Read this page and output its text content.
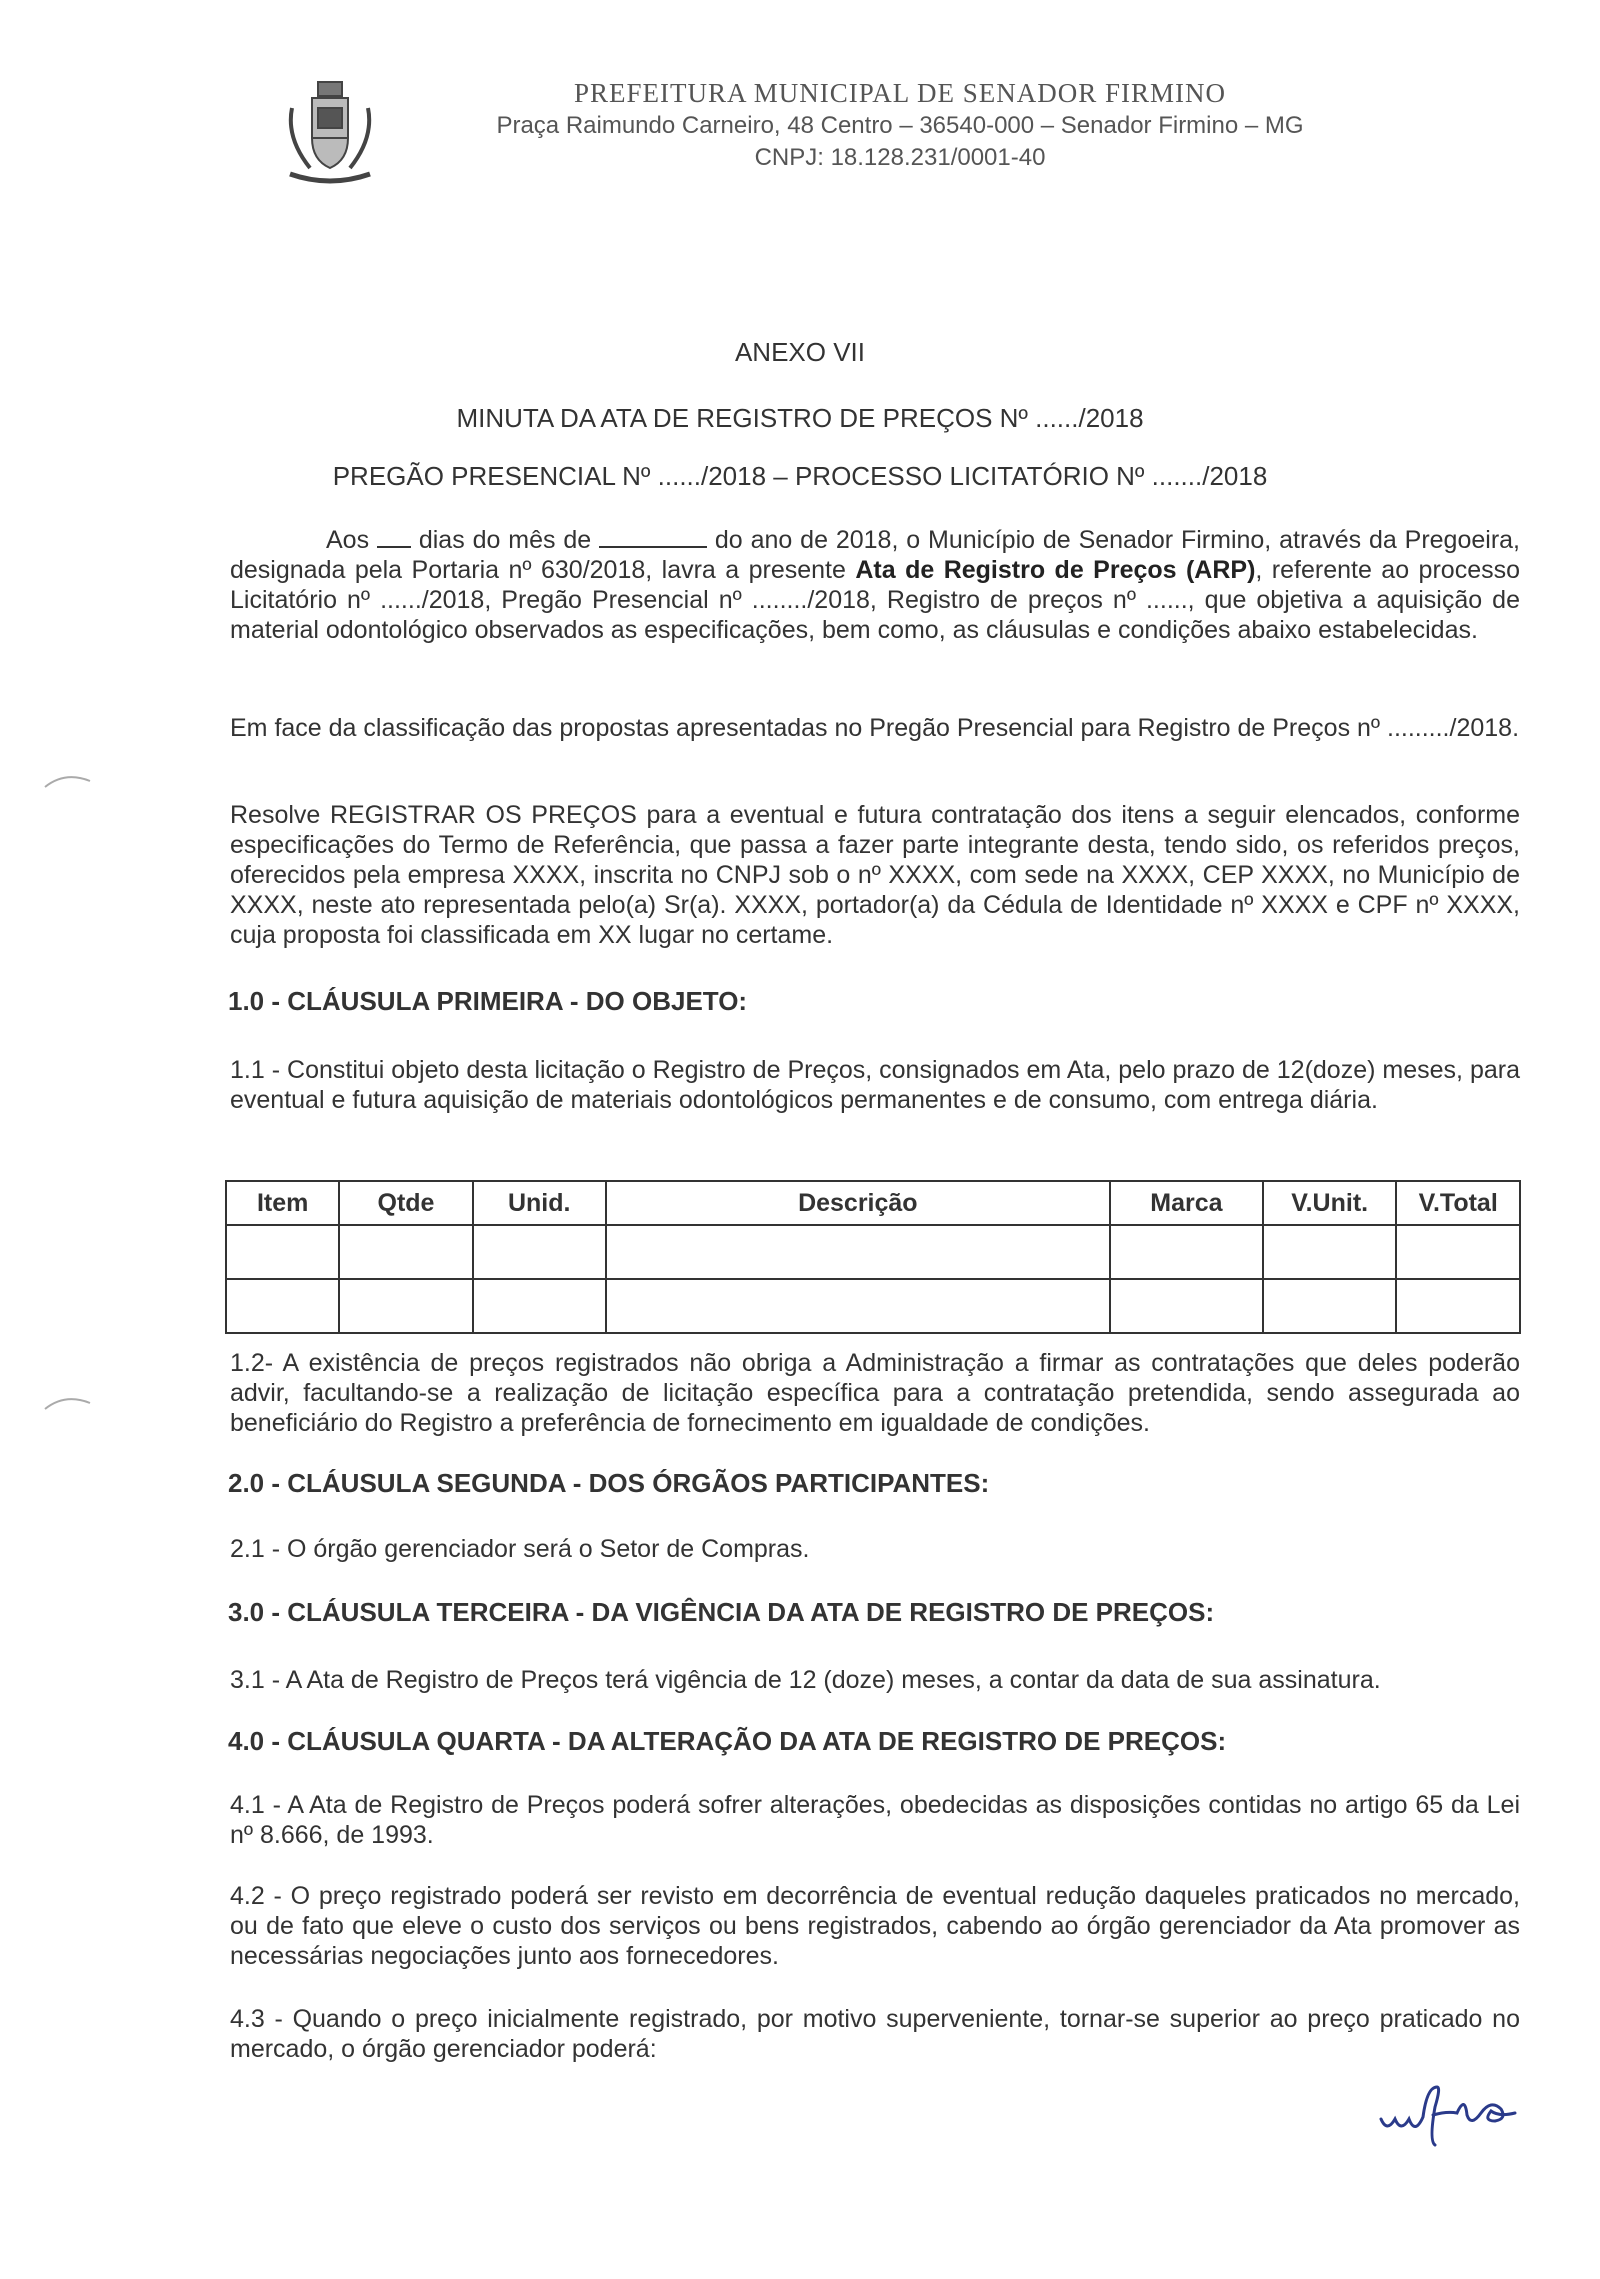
PREFEITURA MUNICIPAL DE SENADOR FIRMINO
Praça Raimundo Carneiro, 48 Centro – 36540-000 – Senador Firmino – MG
CNPJ: 18.128.231/0001-40
ANEXO VII
MINUTA DA ATA DE REGISTRO DE PREÇOS Nº ....../2018
PREGÃO PRESENCIAL Nº ....../2018 – PROCESSO LICITATÓRIO Nº ......./2018
Aos dias do mês de	do ano de 2018, o Município de Senador Firmino, através da Pregoeira, designada pela Portaria nº 630/2018, lavra a presente Ata de Registro de Preços (ARP), referente ao processo Licitatório nº ....../2018, Pregão Presencial nº ......../2018, Registro de preços nº ......, que objetiva a aquisição de material odontológico observados as especificações, bem como, as cláusulas e condições abaixo estabelecidas.
Em face da classificação das propostas apresentadas no Pregão Presencial para Registro de Preços nº ........./2018.
Resolve REGISTRAR OS PREÇOS para a eventual e futura contratação dos itens a seguir elencados, conforme especificações do Termo de Referência, que passa a fazer parte integrante desta, tendo sido, os referidos preços, oferecidos pela empresa XXXX, inscrita no CNPJ sob o nº XXXX, com sede na XXXX, CEP XXXX, no Município de XXXX, neste ato representada pelo(a) Sr(a). XXXX, portador(a) da Cédula de Identidade nº XXXX e CPF nº XXXX, cuja proposta foi classificada em XX lugar no certame.
1.0 - CLÁUSULA PRIMEIRA - DO OBJETO:
1.1 - Constitui objeto desta licitação o Registro de Preços, consignados em Ata, pelo prazo de 12(doze) meses, para eventual e futura aquisição de materiais odontológicos permanentes e de consumo, com entrega diária.
Item	Qtde	Unid.	Descrição	Marca	V.Unit.	V.Total

1.2- A existência de preços registrados não obriga a Administração a firmar as contratações que deles poderão advir, facultando-se a realização de licitação específica para a contratação pretendida, sendo assegurada ao beneficiário do Registro a preferência de fornecimento em igualdade de condições.
2.0 - CLÁUSULA SEGUNDA - DOS ÓRGÃOS PARTICIPANTES:
2.1 - O órgão gerenciador será o Setor de Compras.
3.0 - CLÁUSULA TERCEIRA - DA VIGÊNCIA DA ATA DE REGISTRO DE PREÇOS:
3.1 - A Ata de Registro de Preços terá vigência de 12 (doze) meses, a contar da data de sua assinatura.
4.0 - CLÁUSULA QUARTA - DA ALTERAÇÃO DA ATA DE REGISTRO DE PREÇOS:
4.1 - A Ata de Registro de Preços poderá sofrer alterações, obedecidas as disposições contidas no artigo 65 da Lei nº 8.666, de 1993.
4.2 - O preço registrado poderá ser revisto em decorrência de eventual redução daqueles praticados no mercado, ou de fato que eleve o custo dos serviços ou bens registrados, cabendo ao órgão gerenciador da Ata promover as necessárias negociações junto aos fornecedores.
4.3 - Quando o preço inicialmente registrado, por motivo superveniente, tornar-se superior ao preço praticado no mercado, o órgão gerenciador poderá:
